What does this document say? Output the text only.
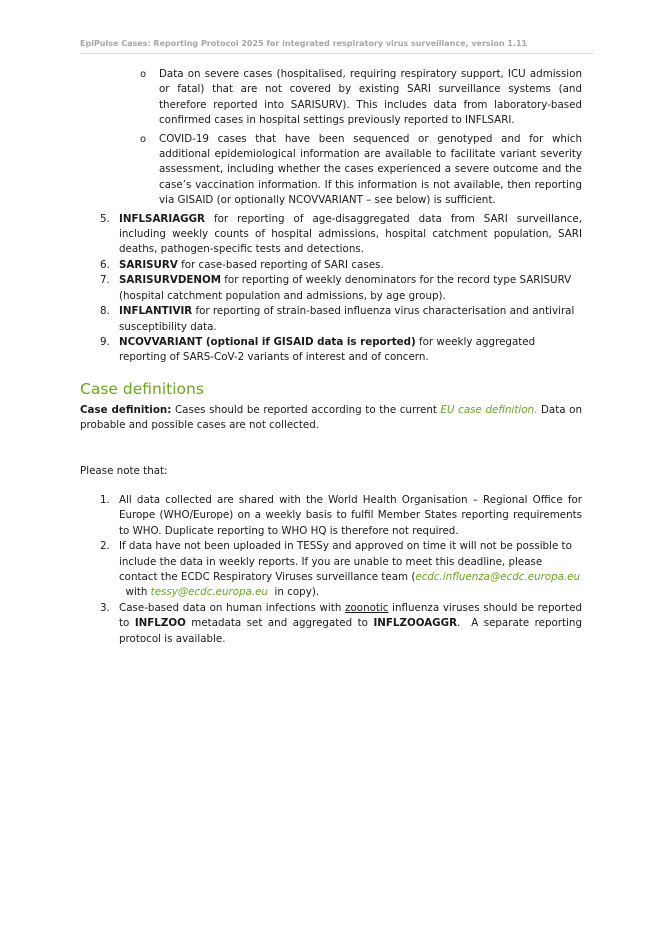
EpiPulse Cases: Reporting Protocol 2025 for integrated respiratory virus surveillance, version 1.11
o Data on severe cases (hospitalised, requiring respiratory support, ICU admission or fatal) that are not covered by existing SARI surveillance systems (and therefore reported into SARISURV). This includes data from laboratory-based confirmed cases in hospital settings previously reported to INFLSARI.
o COVID-19 cases that have been sequenced or genotyped and for which additional epidemiological information are available to facilitate variant severity assessment, including whether the cases experienced a severe outcome and the case’s vaccination information. If this information is not available, then reporting via GISAID (or optionally NCOVVARIANT – see below) is sufficient.
5. INFLSARIAGGR for reporting of age-disaggregated data from SARI surveillance, including weekly counts of hospital admissions, hospital catchment population, SARI deaths, pathogen-specific tests and detections.
6. SARISURV for case-based reporting of SARI cases.
7. SARISURVDENOM for reporting of weekly denominators for the record type SARISURV (hospital catchment population and admissions, by age group).
8. INFLANTIVIR for reporting of strain-based influenza virus characterisation and antiviral susceptibility data.
9. NCOVVARIANT (optional if GISAID data is reported) for weekly aggregated reporting of SARS-CoV-2 variants of interest and of concern.
Case definitions

Case definition: Cases should be reported according to the current EU case definition. Data on probable and possible cases are not collected.

Please note that:

1. All data collected are shared with the World Health Organisation – Regional Office for Europe (WHO/Europe) on a weekly basis to fulfil Member States reporting requirements to WHO. Duplicate reporting to WHO HQ is therefore not required.
2. If data have not been uploaded in TESSy and approved on time it will not be possible to include the data in weekly reports. If you are unable to meet this deadline, please contact the ECDC Respiratory Viruses surveillance team (ecdc.influenza@ecdc.europa.eu  with tessy@ecdc.europa.eu  in copy).
3. Case-based data on human infections with zoonotic influenza viruses should be reported to INFLZOO metadata set and aggregated to INFLZOOAGGR.  A separate reporting protocol is available.
